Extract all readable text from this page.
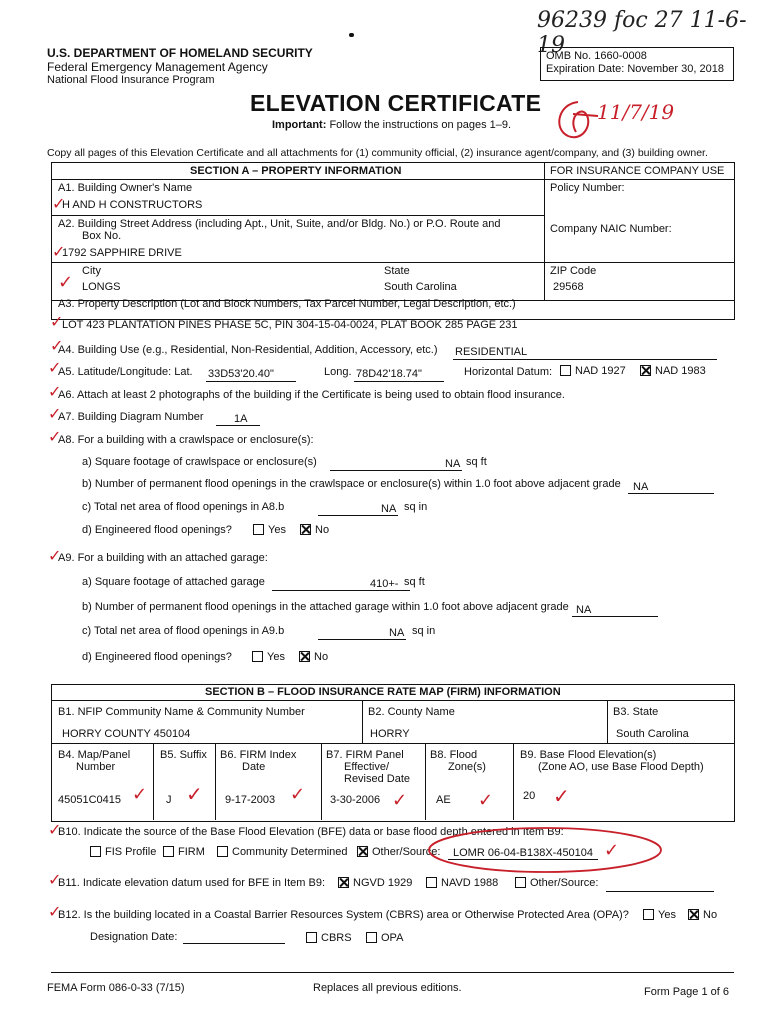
96239 foc 27 11-6-19
U.S. DEPARTMENT OF HOMELAND SECURITY
Federal Emergency Management Agency
National Flood Insurance Program
OMB No. 1660-0008
Expiration Date: November 30, 2018
ELEVATION CERTIFICATE
Important: Follow the instructions on pages 1–9.
11/7/19
Copy all pages of this Elevation Certificate and all attachments for (1) community official, (2) insurance agent/company, and (3) building owner.
SECTION A – PROPERTY INFORMATION	FOR INSURANCE COMPANY USE
A1. Building Owner's Name
✓
H AND H CONSTRUCTORS
Policy Number:
A2. Building Street Address (including Apt., Unit, Suite, and/or Bldg. No.) or P.O. Route and
Box No.
Company NAIC Number:
✓
1792 SAPPHIRE DRIVE
City
✓ LONGS
State
South Carolina
ZIP Code
29568
A3. Property Description (Lot and Block Numbers, Tax Parcel Number, Legal Description, etc.)
✓
LOT 423 PLANTATION PINES PHASE 5C, PIN 304-15-04-0024, PLAT BOOK 285 PAGE 231
✓
A4. Building Use (e.g., Residential, Non-Residential, Addition, Accessory, etc.) RESIDENTIAL
✓
A5. Latitude/Longitude: Lat. 33D53'20.40"	Long. 78D42'18.74"	Horizontal Datum:	NAD 1927	NAD 1983
✓
A6. Attach at least 2 photographs of the building if the Certificate is being used to obtain flood insurance.
✓
A7. Building Diagram Number	1A
✓
A8. For a building with a crawlspace or enclosure(s):
a) Square footage of crawlspace or enclosure(s)	NA sq ft
b) Number of permanent flood openings in the crawlspace or enclosure(s) within 1.0 foot above adjacent grade NA
c) Total net area of flood openings in A8.b	NA sq in
d) Engineered flood openings?	Yes	No
✓
A9. For a building with an attached garage:
a) Square footage of attached garage	410+- sq ft
b) Number of permanent flood openings in the attached garage within 1.0 foot above adjacent grade NA
c) Total net area of flood openings in A9.b	NA sq in
d) Engineered flood openings?	Yes	No
SECTION B – FLOOD INSURANCE RATE MAP (FIRM) INFORMATION
B1. NFIP Community Name & Community Number
HORRY COUNTY 450104
B2. County Name
HORRY
B3. State
South Carolina
B4. Map/Panel
Number
45051C0415 ✓
B5. Suffix
J ✓
B6. FIRM Index
Date
9-17-2003 ✓
B7. FIRM Panel
Effective/
Revised Date
3-30-2006 ✓
B8. Flood
Zone(s)
AE ✓
B9. Base Flood Elevation(s)
(Zone AO, use Base Flood Depth)
20 ✓
✓
B10. Indicate the source of the Base Flood Elevation (BFE) data or base flood depth entered in Item B9:
FIS Profile	FIRM	Community Determined	Other/Source: LOMR 06-04-B138X-450104 ✓
✓
B11. Indicate elevation datum used for BFE in Item B9:	NGVD 1929	NAVD 1988	Other/Source:
✓
B12. Is the building located in a Coastal Barrier Resources System (CBRS) area or Otherwise Protected Area (OPA)?	Yes	No
Designation Date:	CBRS	OPA
FEMA Form 086-0-33 (7/15)	Replaces all previous editions.	Form Page 1 of 6
